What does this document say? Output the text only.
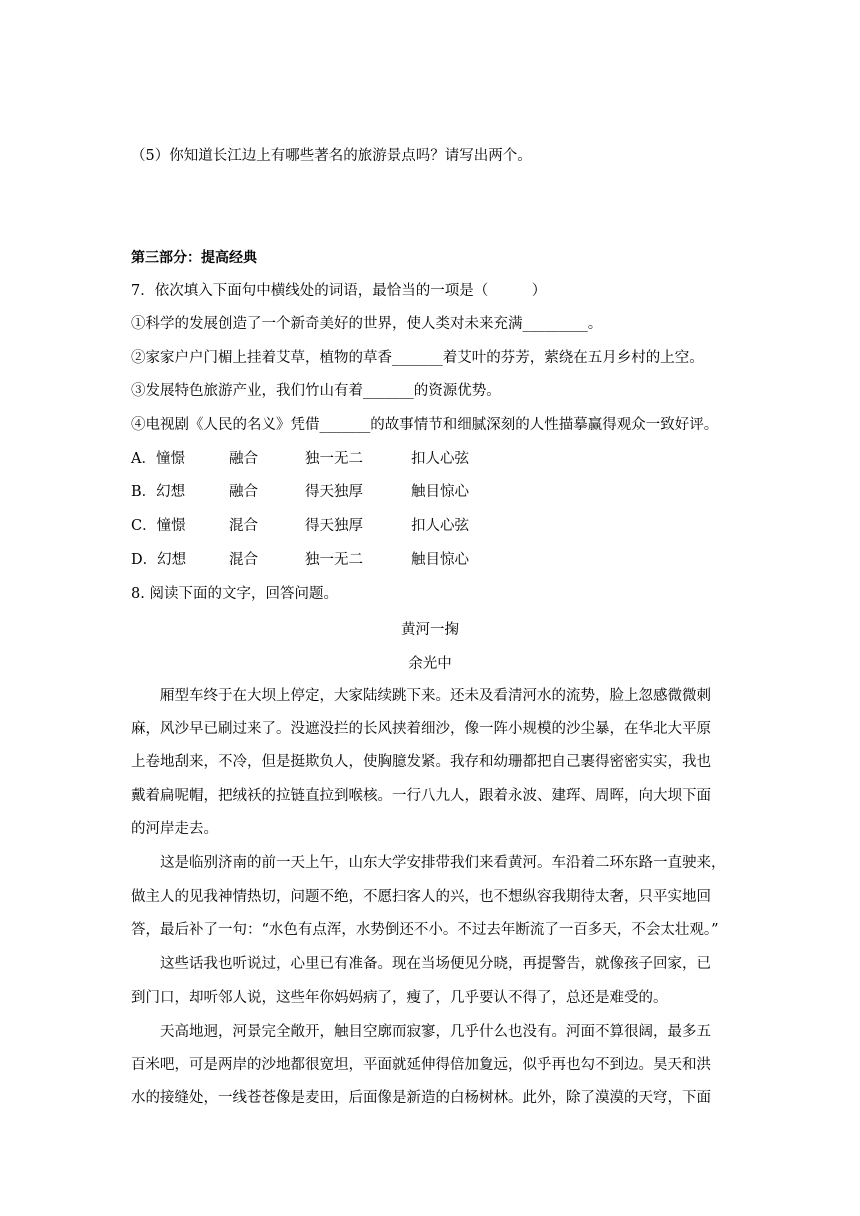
（5）你知道长江边上有哪些著名的旅游景点吗？请写出两个。
第三部分：提高经典
7．依次填入下面句中横线处的词语，最恰当的一项是（　　　）
①科学的发展创造了一个新奇美好的世界，使人类对未来充满_________。
②家家户户门楣上挂着艾草，植物的草香_______着艾叶的芬芳，萦绕在五月乡村的上空。
③发展特色旅游产业，我们竹山有着_______的资源优势。
④电视剧《人民的名义》凭借_______的故事情节和细腻深刻的人性描摹赢得观众一致好评。
A．憧憬	融合	独一无二	扣人心弦
B．幻想	融合	得天独厚	触目惊心
C．憧憬	混合	得天独厚	扣人心弦
D．幻想	混合	独一无二	触目惊心
8. 阅读下面的文字，回答问题。
黄河一掬
余光中
　　厢型车终于在大坝上停定，大家陆续跳下来。还未及看清河水的流势，脸上忽感微微刺
麻，风沙早已刷过来了。没遮没拦的长风挟着细沙，像一阵小规模的沙尘暴，在华北大平原
上卷地刮来，不冷，但是挺欺负人，使胸臆发紧。我存和幼珊都把自己裹得密密实实，我也
戴着扁呢帽，把绒袄的拉链直拉到喉核。一行八九人，跟着永波、建珲、周晖，向大坝下面
的河岸走去。
　　这是临别济南的前一天上午，山东大学安排带我们来看黄河。车沿着二环东路一直驶来，
做主人的见我神情热切，问题不绝，不愿扫客人的兴，也不想纵容我期待太奢，只平实地回
答，最后补了一句：“水色有点浑，水势倒还不小。不过去年断流了一百多天，不会太壮观。”
　　这些话我也听说过，心里已有准备。现在当场便见分晓，再提警告，就像孩子回家，已
到门口，却听邻人说，这些年你妈妈病了，瘦了，几乎要认不得了，总还是难受的。
　　天高地迥，河景完全敞开，触目空廓而寂寥，几乎什么也没有。河面不算很阔，最多五
百米吧，可是两岸的沙地都很宽坦，平面就延伸得倍加夐远，似乎再也勾不到边。昊天和洪
水的接缝处，一线苍苍像是麦田，后面像是新造的白杨树林。此外，除了漠漠的天穹，下面
